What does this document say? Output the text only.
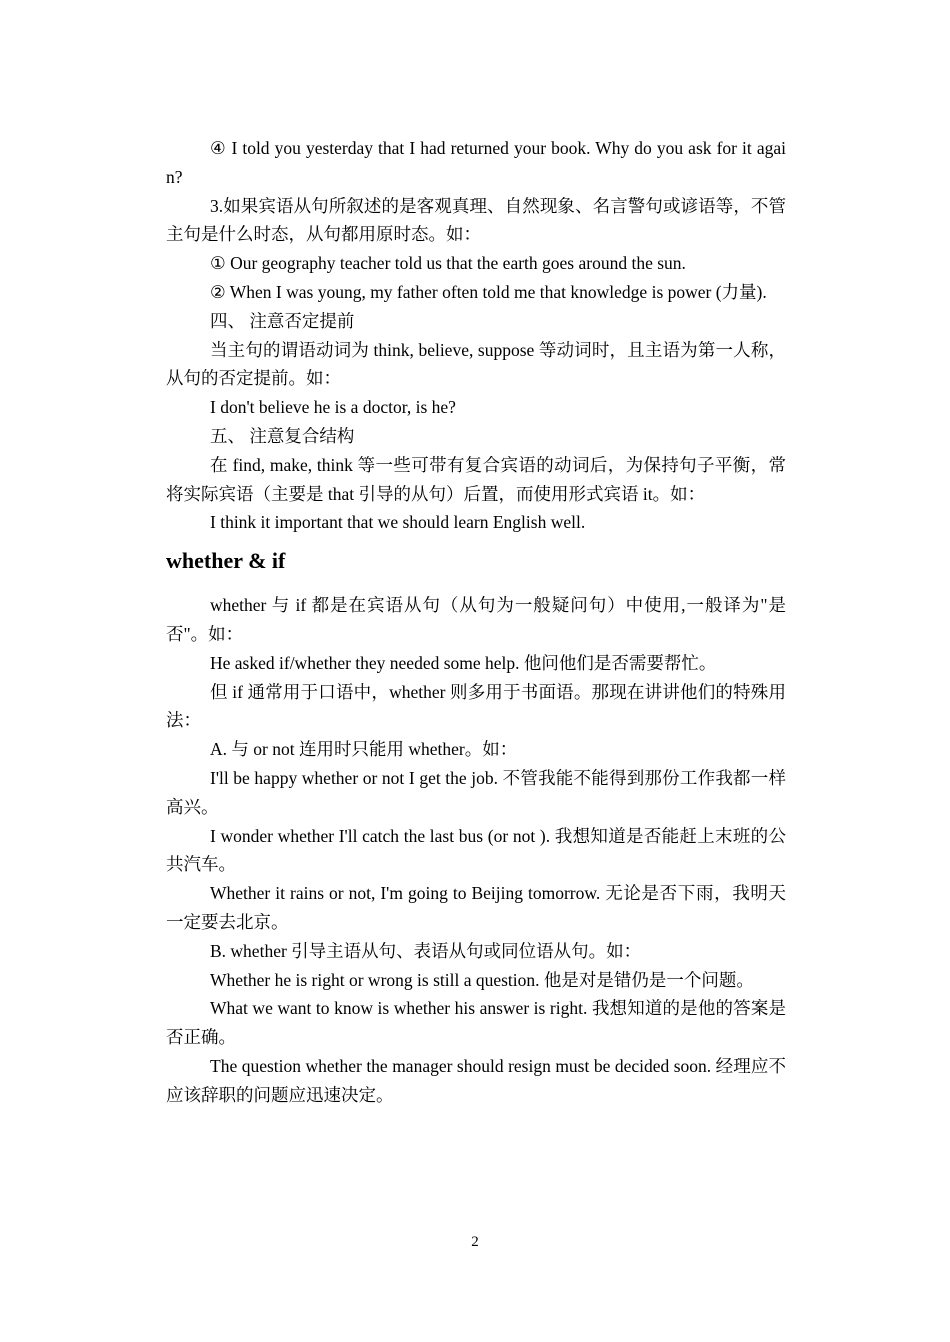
④ I told you yesterday that I had returned your book. Why do you ask for it again?

3.如果宾语从句所叙述的是客观真理、自然现象、名言警句或谚语等，不管主句是什么时态，从句都用原时态。如：

① Our geography teacher told us that the earth goes around the sun.

② When I was young, my father often told me that knowledge is power (力量).

四、 注意否定提前

当主句的谓语动词为 think, believe, suppose 等动词时，且主语为第一人称，从句的否定提前。如：

I don't believe he is a doctor, is he?

五、 注意复合结构

在 find, make, think 等一些可带有复合宾语的动词后，为保持句子平衡，常将实际宾语（主要是 that 引导的从句）后置，而使用形式宾语 it。如：

I think it important that we should learn English well.

whether & if

whether 与 if 都是在宾语从句（从句为一般疑问句）中使用,一般译为"是否"。如：

He asked if/whether they needed some help. 他问他们是否需要帮忙。

但 if 通常用于口语中，whether 则多用于书面语。那现在讲讲他们的特殊用法：

A. 与 or not 连用时只能用 whether。如：

I'll be happy whether or not I get the job. 不管我能不能得到那份工作我都一样高兴。

I wonder whether I'll catch the last bus (or not ). 我想知道是否能赶上末班的公共汽车。

Whether it rains or not, I'm going to Beijing tomorrow. 无论是否下雨，我明天一定要去北京。

B. whether 引导主语从句、表语从句或同位语从句。如：

Whether he is right or wrong is still a question. 他是对是错仍是一个问题。

What we want to know is whether his answer is right. 我想知道的是他的答案是否正确。

The question whether the manager should resign must be decided soon. 经理应不应该辞职的问题应迅速决定。

2
